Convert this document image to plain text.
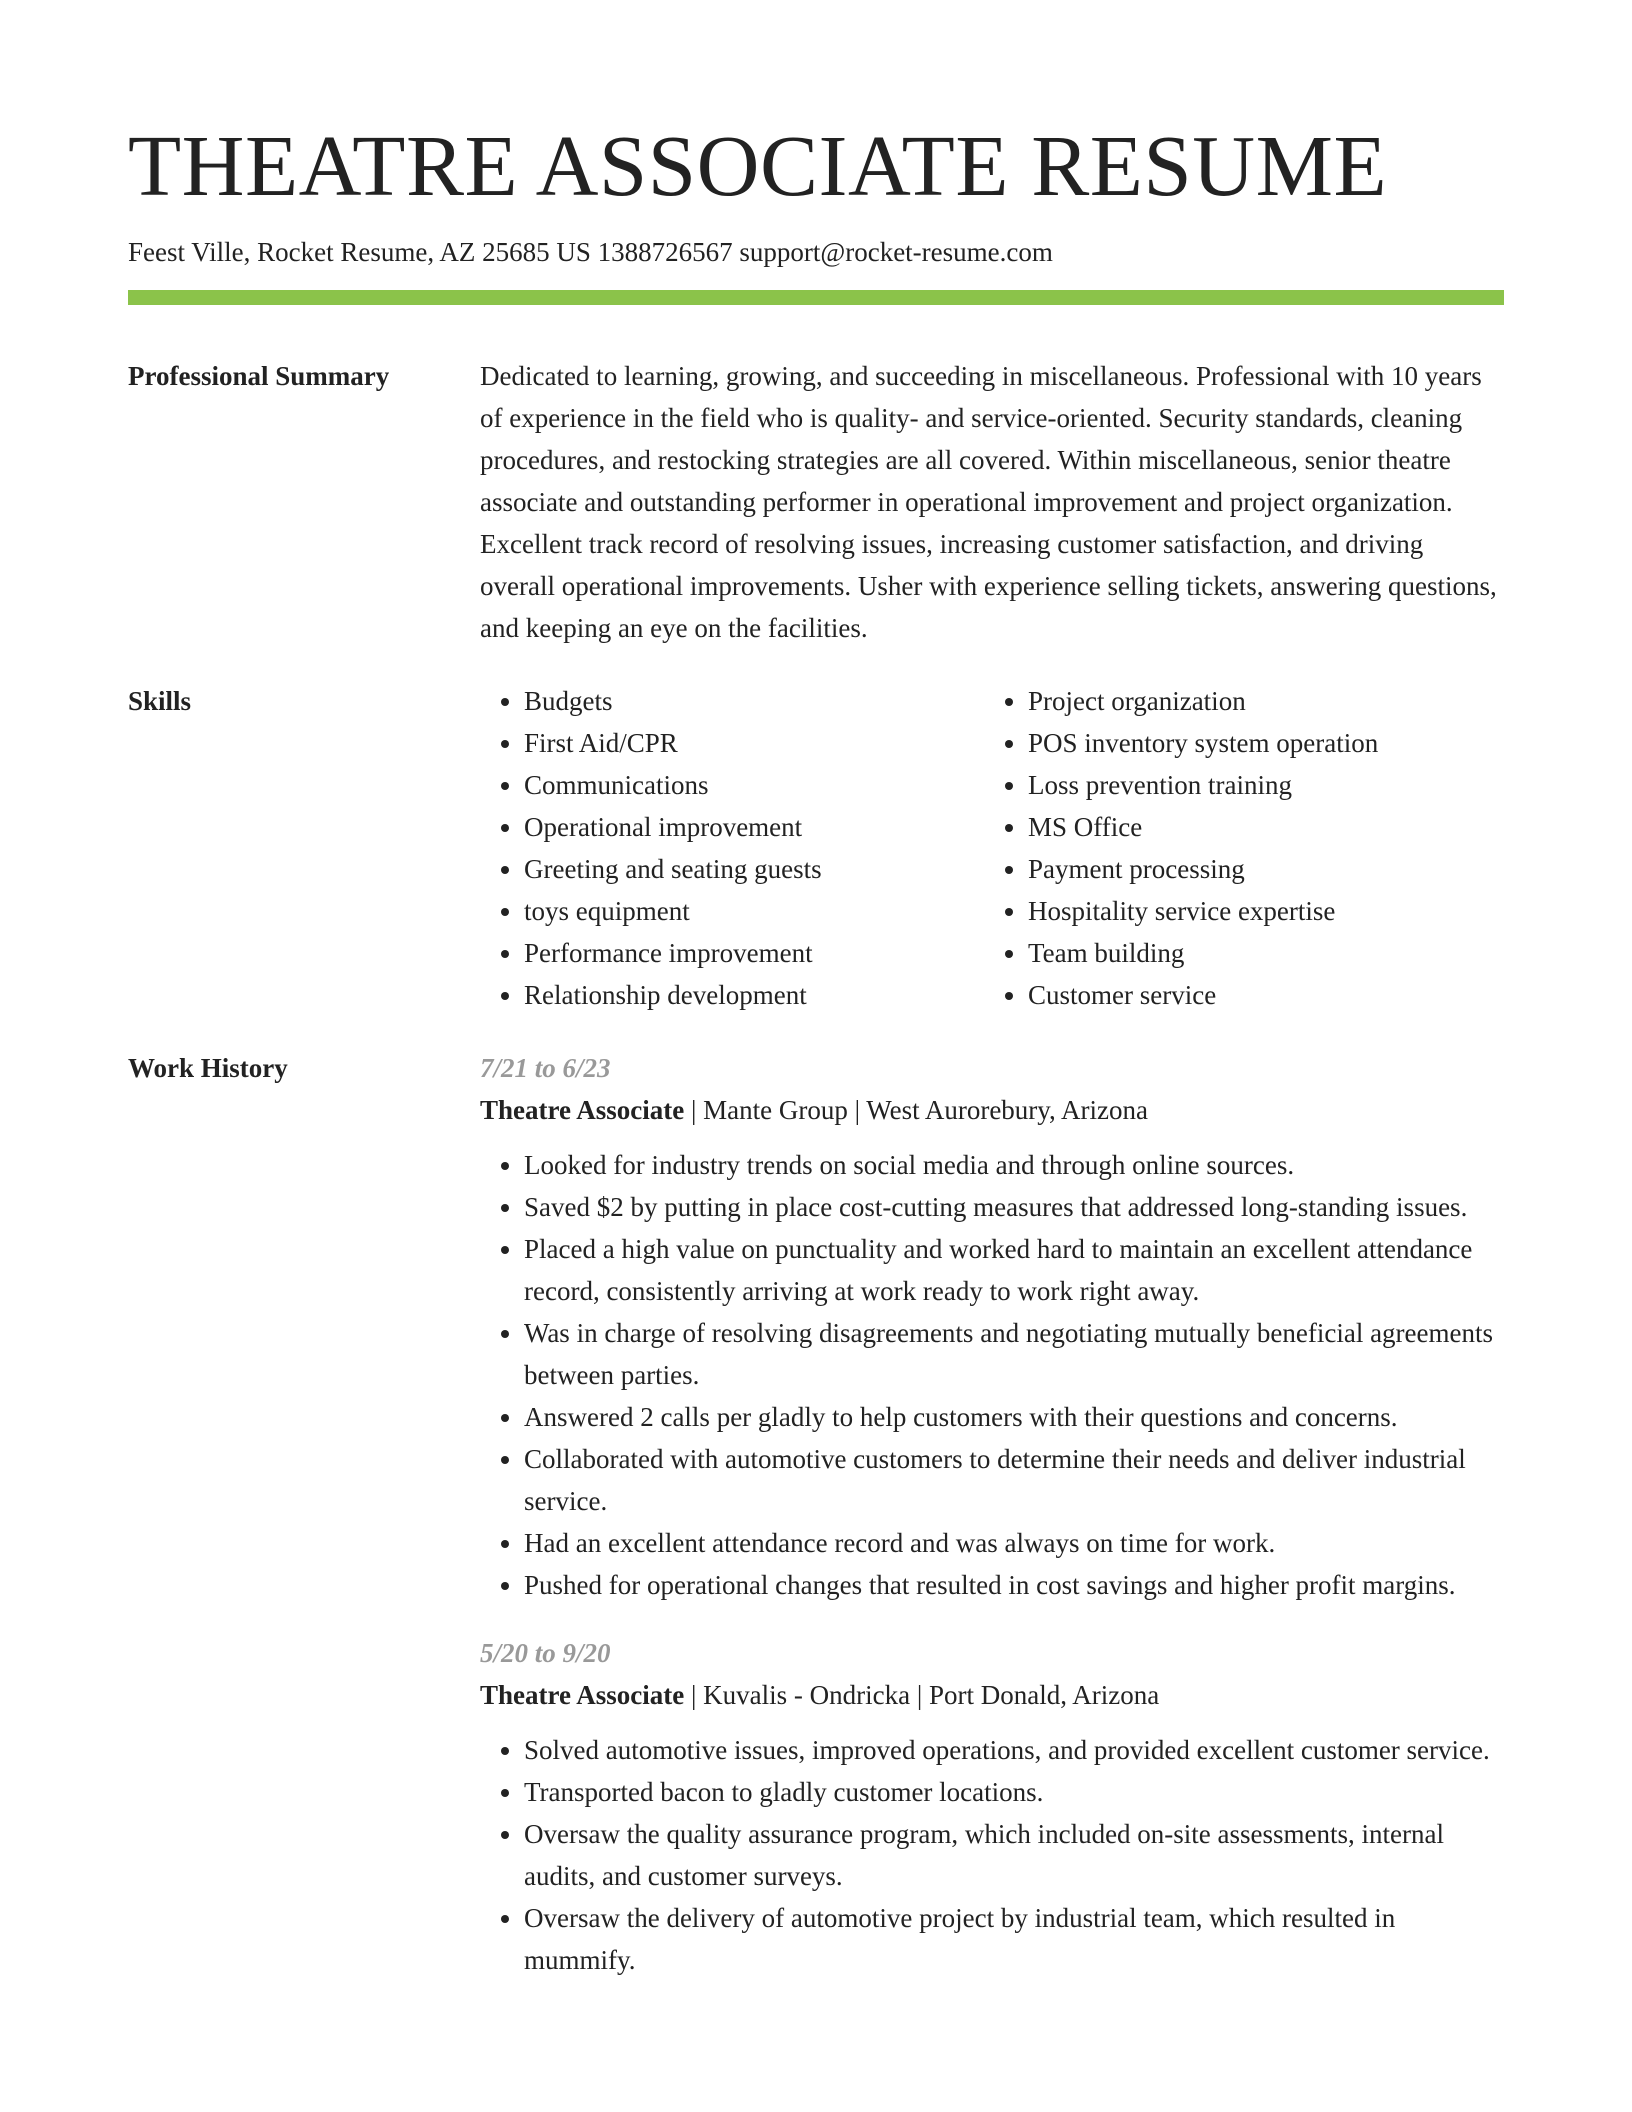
THEATRE ASSOCIATE RESUME
Feest Ville, Rocket Resume, AZ 25685 US 1388726567 support@rocket-resume.com
Professional Summary	Dedicated to learning, growing, and succeeding in miscellaneous. Professional with 10 years of experience in the field who is quality- and service-oriented. Security standards, cleaning procedures, and restocking strategies are all covered. Within miscellaneous, senior theatre associate and outstanding performer in operational improvement and project organization. Excellent track record of resolving issues, increasing customer satisfaction, and driving overall operational improvements. Usher with experience selling tickets, answering questions, and keeping an eye on the facilities.

Skills
•	Budgets
• First Aid/CPR
• Communications
• Operational improvement
• Greeting and seating guests
• toys equipment
• Performance improvement
• Relationship development
• Project organization
• POS inventory system operation
• Loss prevention training
• MS Office
• Payment processing
• Hospitality service expertise
• Team building
• Customer service
Work History	7/21 to 6/23
Theatre Associate | Mante Group | West Aurorebury, Arizona
• Looked for industry trends on social media and through online sources.
• Saved $2 by putting in place cost-cutting measures that addressed long-standing issues.
• Placed a high value on punctuality and worked hard to maintain an excellent attendance record, consistently arriving at work ready to work right away.
• Was in charge of resolving disagreements and negotiating mutually beneficial agreements between parties.
• Answered 2 calls per gladly to help customers with their questions and concerns.
• Collaborated with automotive customers to determine their needs and deliver industrial service.
• Had an excellent attendance record and was always on time for work.
• Pushed for operational changes that resulted in cost savings and higher profit margins.
5/20 to 9/20
Theatre Associate | Kuvalis - Ondricka | Port Donald, Arizona
• Solved automotive issues, improved operations, and provided excellent customer service.
• Transported bacon to gladly customer locations.
• Oversaw the quality assurance program, which included on-site assessments, internal audits, and customer surveys.
• Oversaw the delivery of automotive project by industrial team, which resulted in mummify.
